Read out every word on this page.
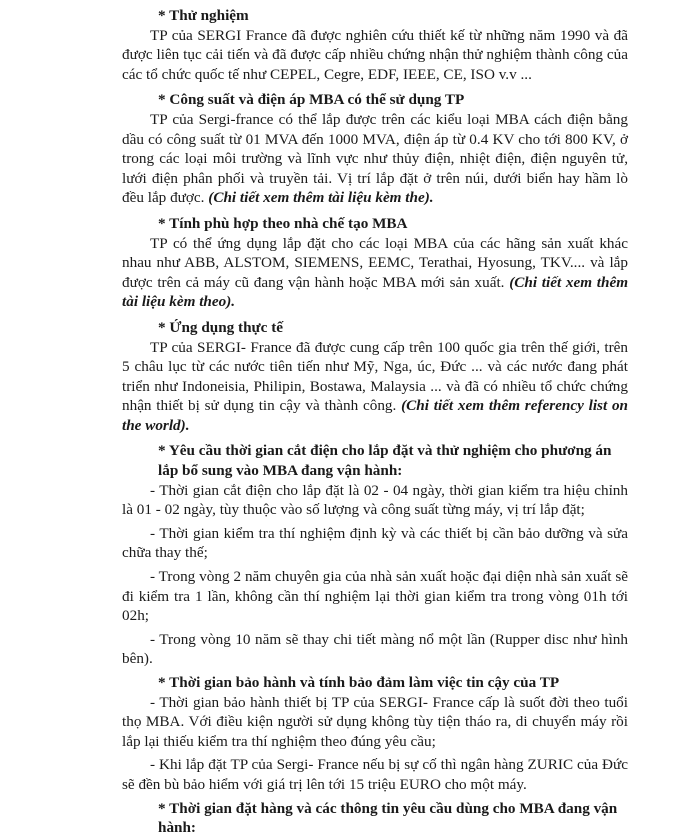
* Thử nghiệm

TP của SERGI France đã được nghiên cứu thiết kế từ những năm 1990 và đã được liên tục cải tiến và đã được cấp nhiều chứng nhận thử nghiệm thành công của các tổ chức quốc tế như CEPEL, Cegre, EDF, IEEE, CE, ISO v.v ...

* Công suất và điện áp MBA có thể sử dụng TP

TP của Sergi-france có thể lắp được trên các kiểu loại MBA cách điện bằng dầu có công suất từ 01 MVA đến 1000 MVA, điện áp từ 0.4 KV cho tới 800 KV, ở trong các loại môi trường và lĩnh vực như thủy điện, nhiệt điện, điện nguyên tử, lưới điện phân phối và truyền tải. Vị trí lắp đặt ở trên núi, dưới biển hay hầm lò đều lắp được. (Chi tiết xem thêm tài liệu kèm the).

* Tính phù hợp theo nhà chế tạo MBA

TP có thể ứng dụng lắp đặt cho các loại MBA của các hãng sản xuất khác nhau như ABB, ALSTOM, SIEMENS, EEMC, Terathai, Hyosung, TKV.... và lắp được trên cả máy cũ đang vận hành hoặc MBA mới sản xuất. (Chi tiết xem thêm tài liệu kèm theo).

* Ứng dụng thực tế

TP của SERGI- France đã được cung cấp trên 100 quốc gia trên thế giới, trên 5 châu lục từ các nước tiên tiến như Mỹ, Nga, úc, Đức ... và các nước đang phát triển như Indoneisia, Philipin, Bostawa, Malaysia ... và đã có nhiều tổ chức chứng nhận thiết bị sử dụng tin cậy và thành công. (Chi tiết xem thêm referency list on the world).

* Yêu cầu thời gian cắt điện cho lắp đặt và thử nghiệm cho phương án lắp bổ sung vào MBA đang vận hành:

- Thời gian cắt điện cho lắp đặt là 02 - 04 ngày, thời gian kiểm tra hiệu chỉnh là 01 - 02 ngày, tùy thuộc vào số lượng và công suất từng máy, vị trí lắp đặt;

- Thời gian kiểm tra thí nghiệm định kỳ và các thiết bị cần bảo dưỡng và sửa chữa thay thế;

- Trong vòng 2 năm chuyên gia của nhà sản xuất hoặc đại diện nhà sản xuất sẽ đi kiểm tra 1 lần, không cần thí nghiệm lại thời gian kiểm tra trong vòng 01h tới 02h;

- Trong vòng 10 năm sẽ thay chi tiết màng nổ một lần (Rupper disc như hình bên).

* Thời gian bảo hành và tính bảo đảm làm việc tin cậy của TP

- Thời gian bảo hành thiết bị TP của SERGI- France cấp là suốt đời theo tuổi thọ MBA. Với điều kiện người sử dụng không tùy tiện tháo ra, di chuyển máy rồi lắp lại thiếu kiểm tra thí nghiệm theo đúng yêu cầu;

- Khi lắp đặt TP của Sergi- France nếu bị sự cố thì ngân hàng ZURIC của Đức sẽ đền bù bảo hiểm với giá trị lên tới 15 triệu EURO cho một máy.

* Thời gian đặt hàng và các thông tin yêu cầu dùng cho MBA đang vận hành:
